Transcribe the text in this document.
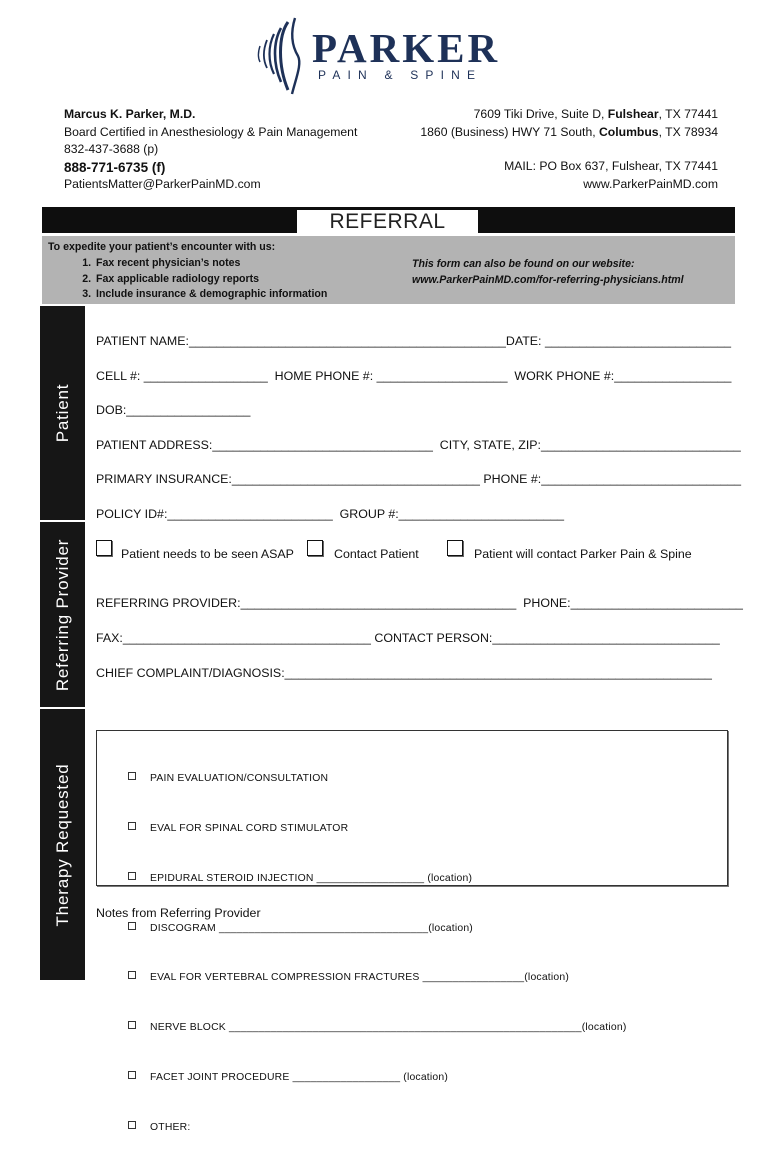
PARKER
PAIN & SPINE
Marcus K. Parker, M.D.
Board Certified in Anesthesiology & Pain Management
832-437-3688 (p)
888-771-6735 (f)
PatientsMatter@ParkerPainMD.com
7609 Tiki Drive, Suite D, Fulshear, TX 77441
1860 (Business) HWY 71 South, Columbus, TX 78934
MAIL: PO Box 637, Fulshear, TX 77441
www.ParkerPainMD.com
REFERRAL
To expedite your patient’s encounter with us:
1. Fax recent physician’s notes
2. Fax applicable radiology reports
3. Include insurance & demographic information
This form can also be found on our website:
www.ParkerPainMD.com/for-referring-physicians.html
Patient
Referring Provider
Therapy Requested
PATIENT NAME:______________________________________________DATE: ___________________________
CELL #: __________________  HOME PHONE #: ___________________  WORK PHONE #:_________________
DOB:__________________
PATIENT ADDRESS:________________________________  CITY, STATE, ZIP:_____________________________
PRIMARY INSURANCE:____________________________________ PHONE #:_____________________________
POLICY ID#:________________________  GROUP #:________________________
Patient needs to be seen ASAP	Contact Patient	Patient will contact Parker Pain & Spine
REFERRING PROVIDER:________________________________________  PHONE:_________________________
FAX:____________________________________ CONTACT PERSON:_________________________________
CHIEF COMPLAINT/DIAGNOSIS:______________________________________________________________

PAIN EVALUATION/CONSULTATION

EVAL FOR SPINAL CORD STIMULATOR

EPIDURAL STEROID INJECTION __________________ (location)

DISCOGRAM ___________________________________(location)

EVAL FOR VERTEBRAL COMPRESSION FRACTURES _________________(location)

NERVE BLOCK ___________________________________________________________(location)

FACET JOINT PROCEDURE __________________ (location)

OTHER:

Notes from Referring Provider
